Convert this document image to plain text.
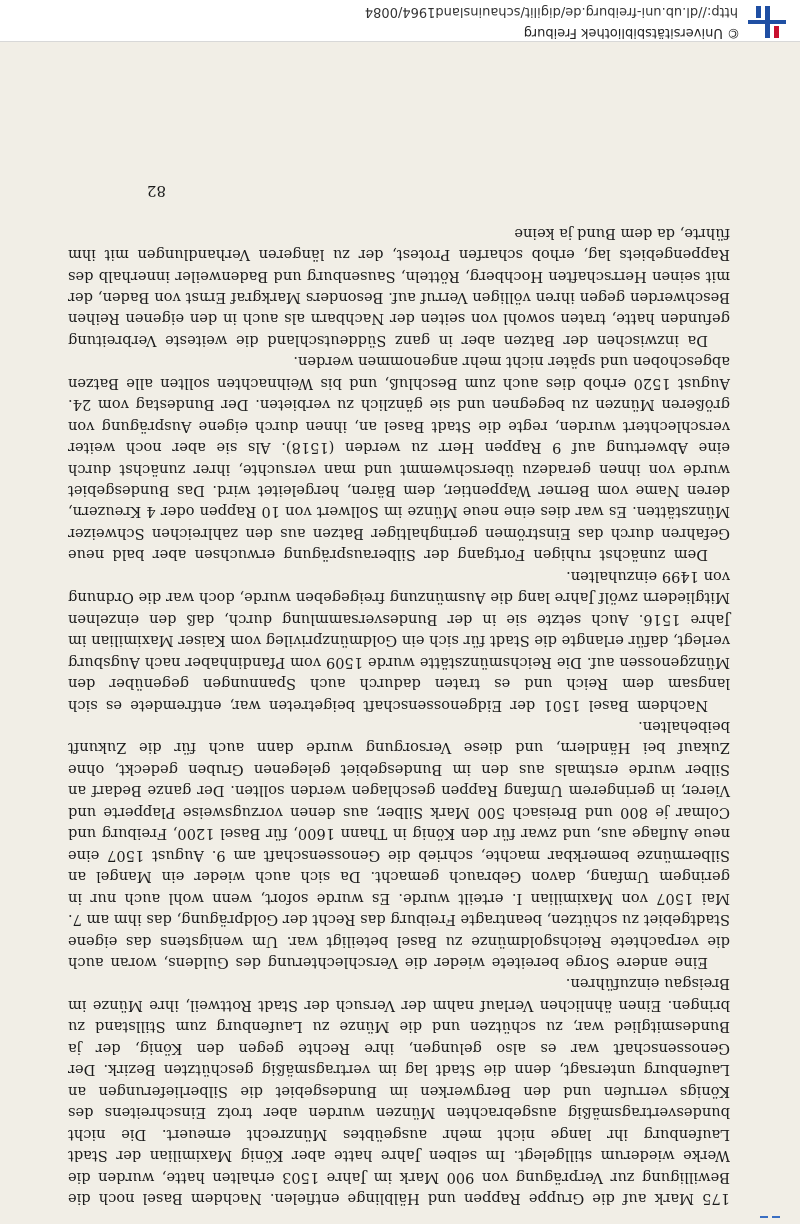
175 Mark auf die Gruppe Rappen und Hälblinge entfielen. Nachdem Basel noch die Bewilligung zur Verprägung von 900 Mark im Jahre 1503 erhalten hatte, wurden die Werke wiederum stillgelegt. Im selben Jahre hatte aber König Maximilian der Stadt Laufenburg ihr lange nicht mehr ausgeübtes Münzrecht erneuert. Die nicht bundesvertragsmäßig ausgebrachten Münzen wurden aber trotz Einschreitens des Königs verrufen und den Bergwerken im Bundesgebiet die Silberlieferungen an Laufenburg untersagt, denn die Stadt lag im vertragsmäßig geschützten Bezirk. Der Genossenschaft war es also gelungen, ihre Rechte gegen den König, der ja Bundesmitglied war, zu schützen und die Münze zu Laufenburg zum Stillstand zu bringen. Einen ähnlichen Verlauf nahm der Versuch der Stadt Rottweil, ihre Münze im Breisgau einzuführen.

Eine andere Sorge bereitete wieder die Verschlechterung des Guldens, woran auch die verpachtete Reichsgoldmünze zu Basel beteiligt war. Um wenigstens das eigene Stadtgebiet zu schützen, beantragte Freiburg das Recht der Goldprägung, das ihm am 7. Mai 1507 von Maximilian I. erteilt wurde. Es wurde sofort, wenn wohl auch nur in geringem Umfang, davon Gebrauch gemacht. Da sich auch wieder ein Mangel an Silbermünze bemerkbar machte, schrieb die Genossenschaft am 9. August 1507 eine neue Auflage aus, und zwar für den König in Thann 1600, für Basel 1200, Freiburg und Colmar je 800 und Breisach 500 Mark Silber, aus denen vorzugsweise Plapperte und Vierer, in geringerem Umfang Rappen geschlagen werden sollten. Der ganze Bedarf an Silber wurde erstmals aus den im Bundesgebiet gelegenen Gruben gedeckt, ohne Zukauf bei Händlern, und diese Versorgung wurde dann auch für die Zukunft beibehalten.

Nachdem Basel 1501 der Eidgenossenschaft beigetreten war, entfremdete es sich langsam dem Reich und es traten dadurch auch Spannungen gegenüber den Münzgenossen auf. Die Reichsmünzstätte wurde 1509 vom Pfandinhaber nach Augsburg verlegt, dafür erlangte die Stadt für sich ein Goldmünzprivileg vom Kaiser Maximilian im Jahre 1516. Auch setzte sie in der Bundesversammlung durch, daß den einzelnen Mitgliedern zwölf Jahre lang die Ausmünzung freigegeben wurde, doch war die Ordnung von 1499 einzuhalten.

Dem zunächst ruhigen Fortgang der Silberausprägung erwuchsen aber bald neue Gefahren durch das Einströmen geringhaltiger Batzen aus den zahlreichen Schweizer Münzstätten. Es war dies eine neue Münze im Sollwert von 10 Rappen oder 4 Kreuzern, deren Name vom Berner Wappentier, dem Bären, hergeleitet wird. Das Bundesgebiet wurde von ihnen geradezu überschwemmt und man versuchte, ihrer zunächst durch eine Abwertung auf 9 Rappen Herr zu werden (1518). Als sie aber noch weiter verschlechtert wurden, regte die Stadt Basel an, ihnen durch eigene Ausprägung von größeren Münzen zu begegnen und sie gänzlich zu verbieten. Der Bundestag vom 24. August 1520 erhob dies auch zum Beschluß, und bis Weihnachten sollten alle Batzen abgeschoben und später nicht mehr angenommen werden.

Da inzwischen der Batzen aber in ganz Süddeutschland die weiteste Verbreitung gefunden hatte, traten sowohl von seiten der Nachbarn als auch in den eigenen Reihen Beschwerden gegen ihren völligen Verruf auf. Besonders Markgraf Ernst von Baden, der mit seinen Herrschaften Hochberg, Rötteln, Sausenburg und Badenweiler innerhalb des Rappengebiets lag, erhob scharfen Protest, der zu längeren Verhandlungen mit ihm führte, da dem Bund ja keine

82
© Universitätsbibliothek Freiburg
http://dl.ub.uni-freiburg.de/digilit/schauinsland1964/0084
